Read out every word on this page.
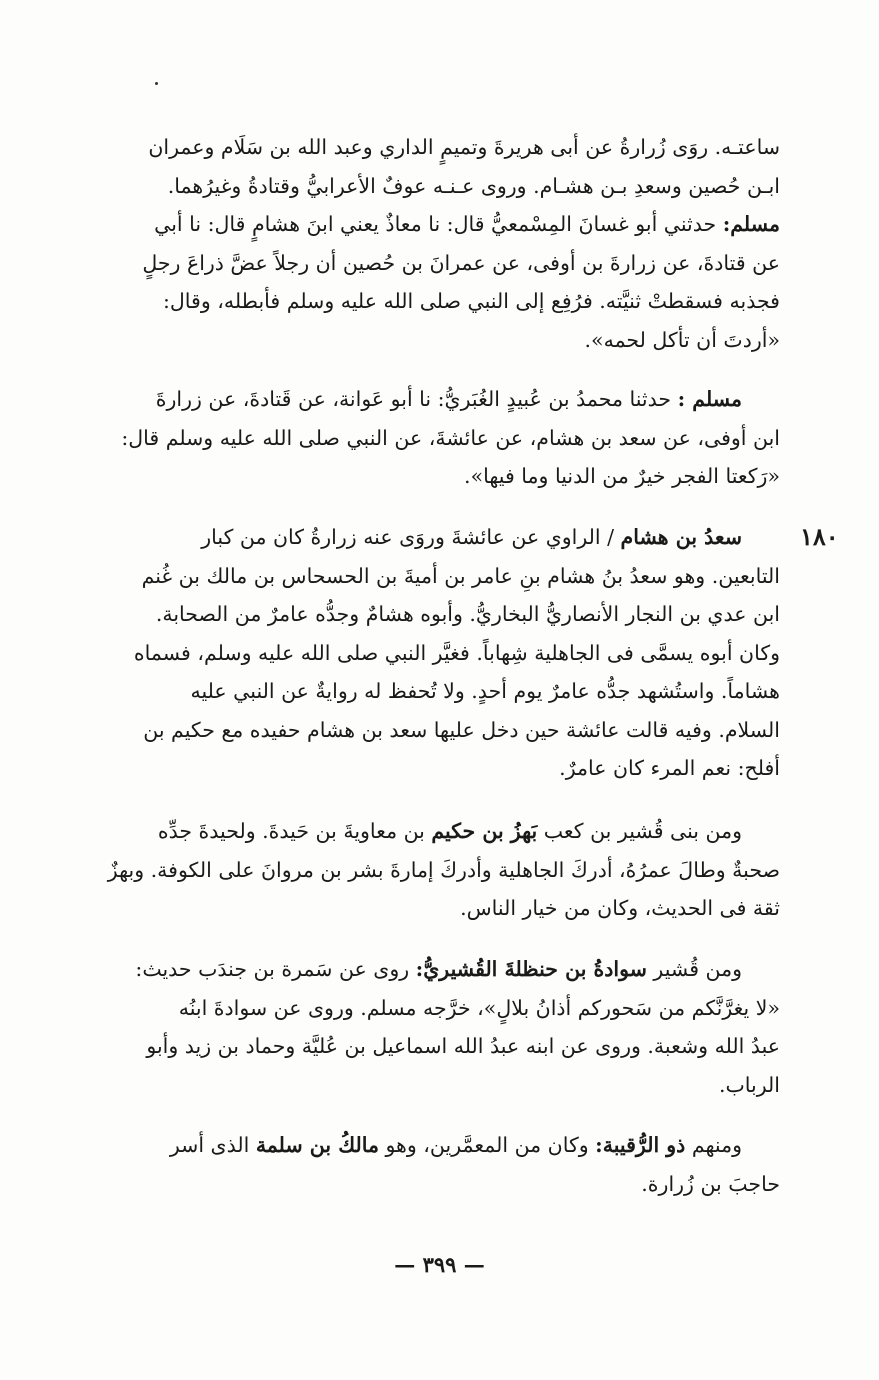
ساعتـه. روَى زُرارةُ عن أبى هريرةَ وتميمٍ الداري وعبد الله بن سَلَام وعمران
ابـن حُصين وسعدِ بـن هشـام. وروى عـنـه عوفٌ الأعرابيُّ وقتادةُ وغيرُهما.
مسلم: حدثني أبو غسانَ المِسْمعيُّ قال: نا معاذٌ يعني ابنَ هشامٍ قال: نا أبي
عن قتادةَ، عن زرارةَ بن أوفى، عن عمرانَ بن حُصين أن رجلاً عضَّ ذراعَ رجلٍ
فجذبه فسقطتْ ثنيَّته. فرُفِع إلى النبي صلى الله عليه وسلم فأبطله، وقال:
«أردتَ أن تأكل لحمه».
مسلم : حدثنا محمدُ بن عُبيدٍ الغُبَريُّ: نا أبو عَوانة، عن قَتادةَ، عن زرارةَ
ابن أوفى، عن سعد بن هشام، عن عائشةَ، عن النبي صلى الله عليه وسلم قال:
«رَكعتا الفجر خيرٌ من الدنيا وما فيها».
١٨٠
سعدُ بن هشام / الراوي عن عائشةَ وروَى عنه زرارةُ كان من كبار
التابعين. وهو سعدُ بنُ هشام بنِ عامر بن أميةَ بن الحسحاس بن مالك بن غُنم
ابن عدي بن النجار الأنصاريُّ البخاريُّ. وأبوه هشامٌ وجدُّه عامرٌ من الصحابة.
وكان أبوه يسمَّى فى الجاهلية شِهاباً. فغيَّر النبي صلى الله عليه وسلم، فسماه
هشاماً. واستُشهد جدُّه عامرٌ يوم أحدٍ. ولا تُحفظ له روايةٌ عن النبي عليه
السلام. وفيه قالت عائشة حين دخل عليها سعد بن هشام حفيده مع حكيم بن
أفلح: نعم المرء كان عامرٌ.
ومن بنى قُشير بن كعب بَهزُ بن حكيم بن معاويةَ بن حَيدةَ. ولحيدةَ جدِّه
صحبةٌ وطالَ عمرُهُ، أدركَ الجاهلية وأدركَ إمارةَ بشر بن مروانَ على الكوفة. وبهزٌ
ثقة فى الحديث، وكان من خيار الناس.
ومن قُشير سوادةُ بن حنظلةَ القُشيريُّ: روى عن سَمرة بن جندَب حديث:
«لا يغرَّنَّكم من سَحوركم أذانُ بلالٍ»، خرَّجه مسلم. وروى عن سوادةَ ابنُه
عبدُ الله وشعبة. وروى عن ابنه عبدُ الله اسماعيل بن عُليَّة وحماد بن زيد وأبو
الرباب.
ومنهم ذو الرُّقيبة: وكان من المعمَّرين، وهو مالكُ بن سلمة الذى أسر
حاجبَ بن زُرارة.
— ٣٩٩ —
